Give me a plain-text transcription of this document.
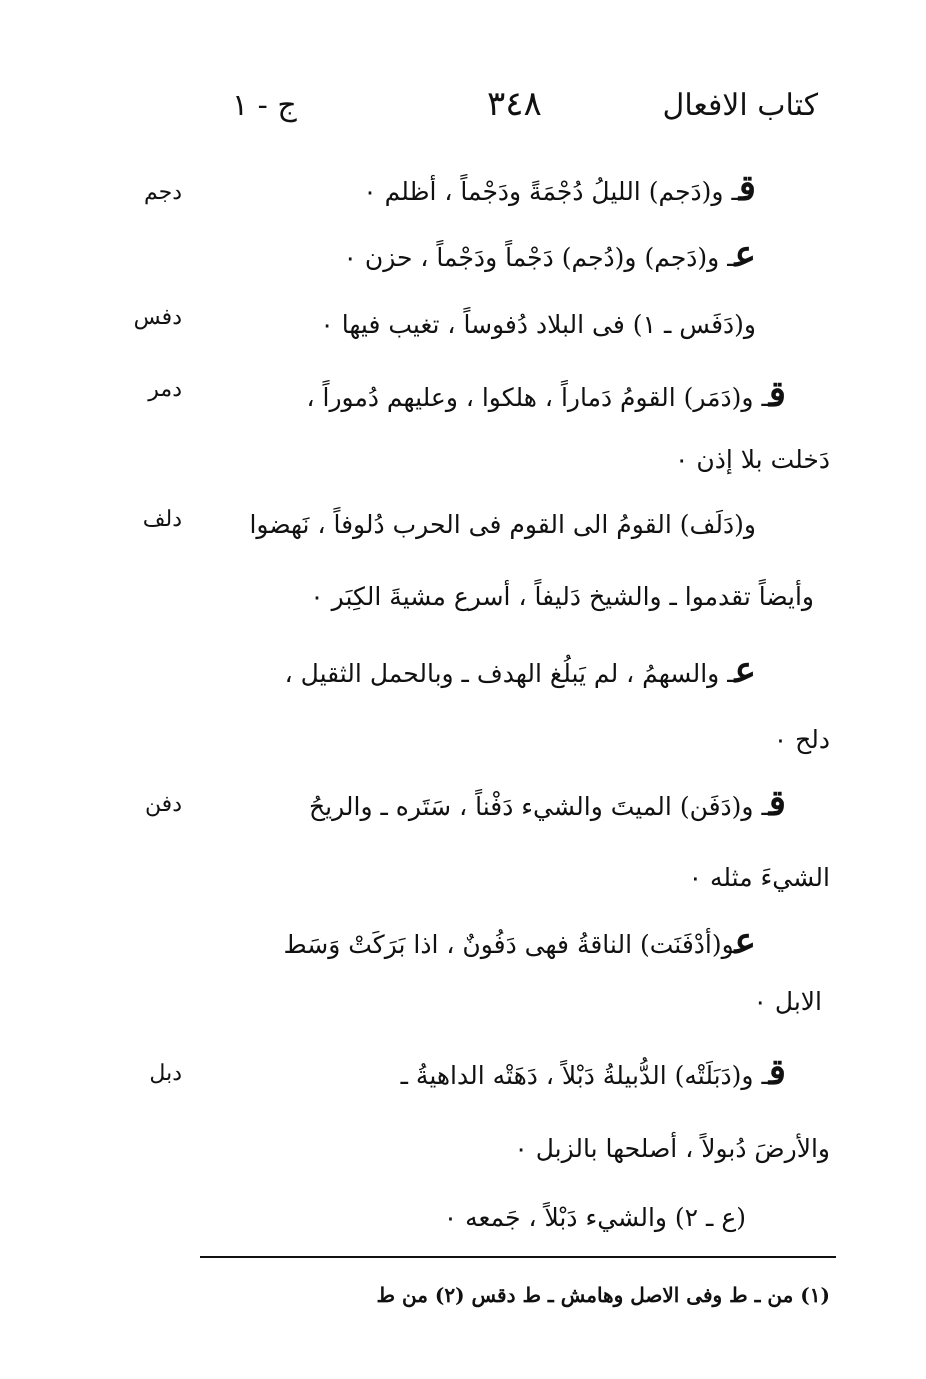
كتاب الافعال
٣٤٨
ج - ١
دجم
دفس
دمر
دلف
دفن
دبل
قـ و(دَجم) الليلُ دُجْمَةً ودَجْماً ، أظلم ٠
عـ و(دَجم) و(دُجم) دَجْماً ودَجْماً ، حزن ٠
و(دَفَس ـ ١) فى البلاد دُفوساً ، تغيب فيها ٠
قـ و(دَمَر) القومُ دَماراً ، هلكوا ، وعليهم دُموراً ،
دَخلت بلا إذن ٠
و(دَلَف) القومُ الى القوم فى الحرب دُلوفاً ، نَهضوا
وأيضاً تقدموا ـ والشيخ دَليفاً ، أسرع مشيةَ الكِبَر ٠
عـ والسهمُ ، لم يَبلُغ الهدف ـ وبالحمل الثقيل ،
دلح ٠
قـ و(دَفَن) الميتَ والشيء دَفْناً ، سَتَره ـ والريحُ
الشيءَ مثله ٠
عو(أدْفَنَت) الناقةُ فهى دَفُونٌ ، اذا بَرَكَتْ وَسَط
الابل ٠
قـ و(دَبَلَتْه) الدُّبيلةُ دَبْلاً ، دَهَتْه الداهيةُ ـ
والأرضَ دُبولاً ، أصلحها بالزبل ٠
(ع ـ ٢) والشيء دَبْلاً ، جَمعه ٠
(١) من ـ ط وفى الاصل وهامش ـ ط دقس (٢) من ط
